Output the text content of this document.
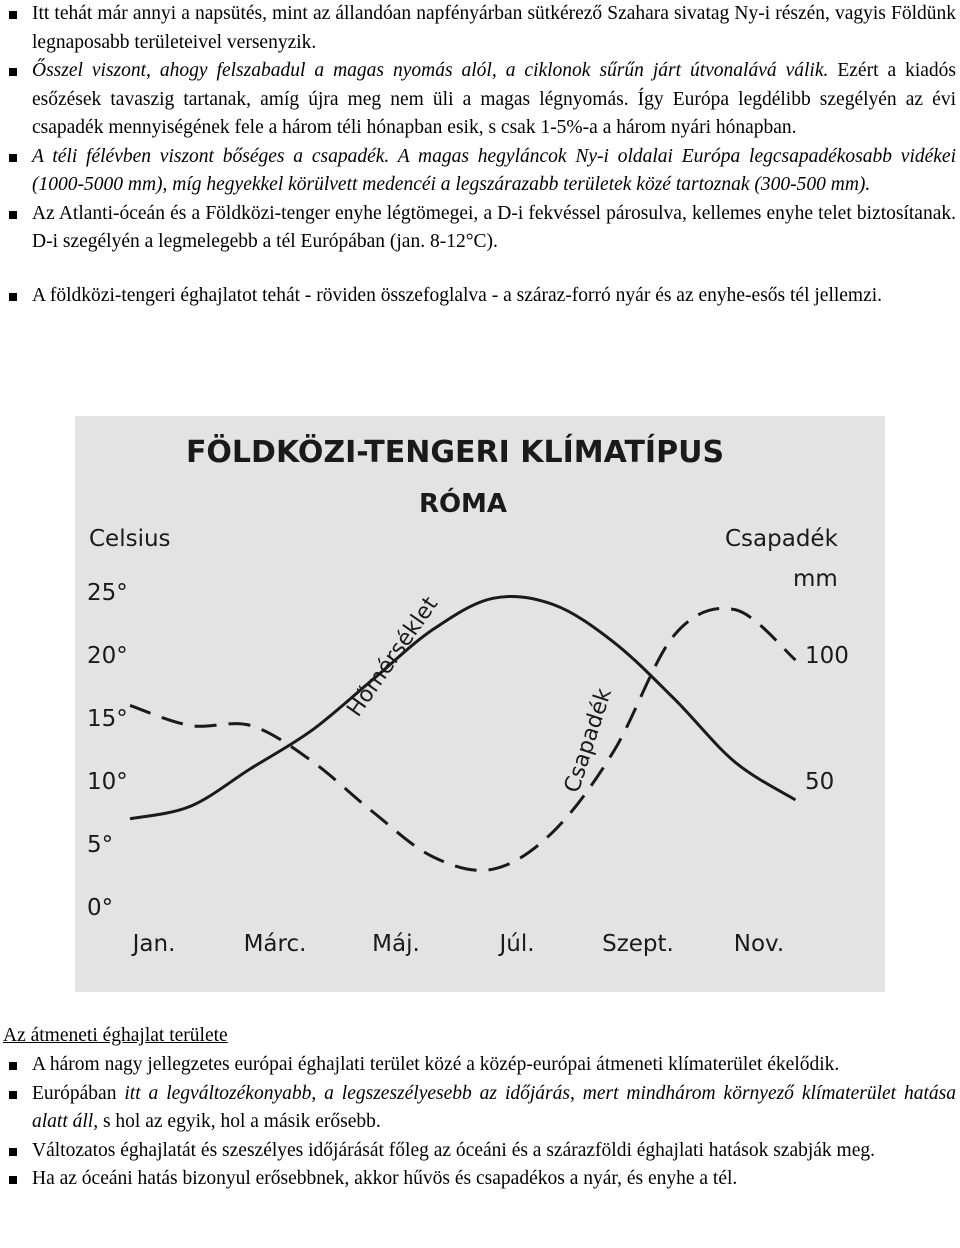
Itt tehát már annyi a napsütés, mint az állandóan napfényárban sütkérező Szahara sivatag Ny-i részén, vagyis Földünk legnaposabb területeivel versenyzik.
Ősszel viszont, ahogy felszabadul a magas nyomás alól, a ciklonok sűrűn járt útvonalává válik. Ezért a kiadós esőzések tavaszig tartanak, amíg újra meg nem üli a magas légnyomás. Így Európa legdélibb szegélyén az évi csapadék mennyiségének fele a három téli hónapban esik, s csak 1-5%-a a három nyári hónapban.
A téli félévben viszont bőséges a csapadék. A magas hegyláncok Ny-i oldalai Európa legcsapadékosabb vidékei (1000-5000 mm), míg hegyekkel körülvett medencéi a legszárazabb területek közé tartoznak (300-500 mm).
Az Atlanti-óceán és a Földközi-tenger enyhe légtömegei, a D-i fekvéssel párosulva, kellemes enyhe telet biztosítanak. D-i szegélyén a legmelegebb a tél Európában (jan. 8-12°C).
A földközi-tengeri éghajlatot tehát - röviden összefoglalva - a száraz-forró nyár és az enyhe-esős tél jellemzi.
FÖLDKÖZI-TENGERI KLÍMATÍPUS
RÓMA
Celsius	Csapadék
mm
25°
20°
15°
10°
5°
0°
100
50
Jan.	Márc.	Máj.	Júl.	Szept.	Nov.
Hőmérséklet
Csapadék
Az átmeneti éghajlat területe
A három nagy jellegzetes európai éghajlati terület közé a közép-európai átmeneti klímaterület ékelődik.
Európában itt a legváltozékonyabb, a legszeszélyesebb az időjárás, mert mindhárom környező klímaterület hatása alatt áll, s hol az egyik, hol a másik erősebb.
Változatos éghajlatát és szeszélyes időjárását főleg az óceáni és a szárazföldi éghajlati hatások szabják meg.
Ha az óceáni hatás bizonyul erősebbnek, akkor hűvös és csapadékos a nyár, és enyhe a tél.
